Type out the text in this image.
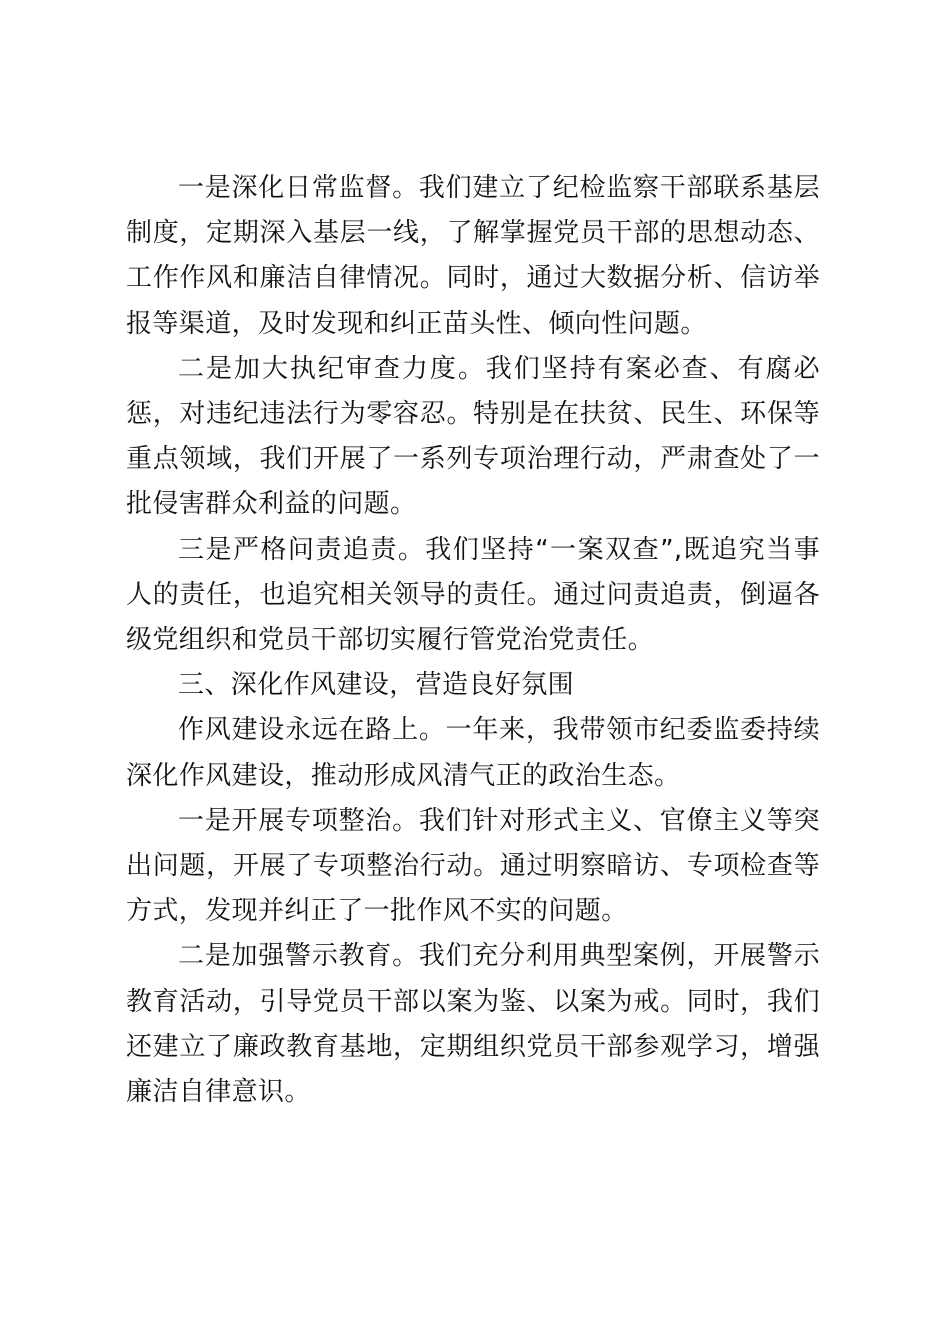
一是深化日常监督。我们建立了纪检监察干部联系基层制度，定期深入基层一线，了解掌握党员干部的思想动态、工作作风和廉洁自律情况。同时，通过大数据分析、信访举报等渠道，及时发现和纠正苗头性、倾向性问题。

二是加大执纪审查力度。我们坚持有案必查、有腐必惩，对违纪违法行为零容忍。特别是在扶贫、民生、环保等重点领域，我们开展了一系列专项治理行动，严肃查处了一批侵害群众利益的问题。

三是严格问责追责。我们坚持“一案双查”,既追究当事人的责任，也追究相关领导的责任。通过问责追责，倒逼各级党组织和党员干部切实履行管党治党责任。

三、深化作风建设，营造良好氛围

作风建设永远在路上。一年来，我带领市纪委监委持续深化作风建设，推动形成风清气正的政治生态。

一是开展专项整治。我们针对形式主义、官僚主义等突出问题，开展了专项整治行动。通过明察暗访、专项检查等方式，发现并纠正了一批作风不实的问题。

二是加强警示教育。我们充分利用典型案例，开展警示教育活动，引导党员干部以案为鉴、以案为戒。同时，我们还建立了廉政教育基地，定期组织党员干部参观学习，增强廉洁自律意识。
